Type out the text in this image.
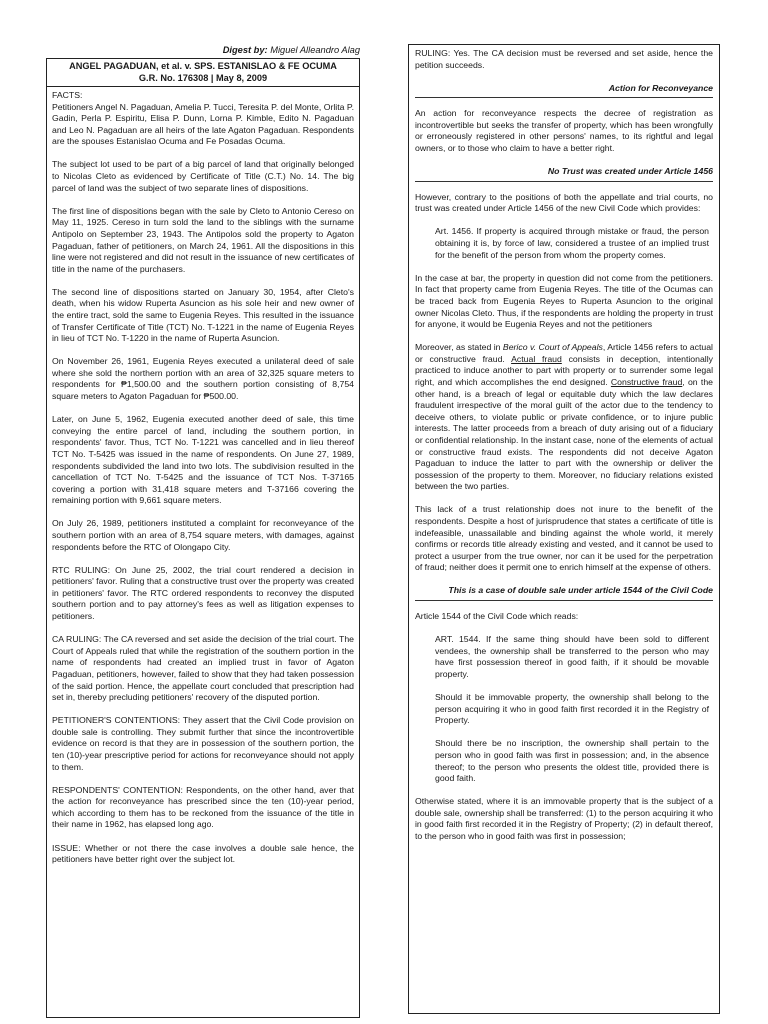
Digest by: Miguel Alleandro Alag
ANGEL PAGADUAN, et al. v. SPS. ESTANISLAO & FE OCUMA
G.R. No. 176308 | May 8, 2009

FACTS:

Petitioners Angel N. Pagaduan, Amelia P. Tucci, Teresita P. del Monte, Orlita P. Gadin, Perla P. Espiritu, Elisa P. Dunn, Lorna P. Kimble, Edito N. Pagaduan and Leo N. Pagaduan are all heirs of the late Agaton Pagaduan. Respondents are the spouses Estanislao Ocuma and Fe Posadas Ocuma.

The subject lot used to be part of a big parcel of land that originally belonged to Nicolas Cleto as evidenced by Certificate of Title (C.T.) No. 14. The big parcel of land was the subject of two separate lines of dispositions.

The first line of dispositions began with the sale by Cleto to Antonio Cereso on May 11, 1925. Cereso in turn sold the land to the siblings with the surname Antipolo on September 23, 1943. The Antipolos sold the property to Agaton Pagaduan, father of petitioners, on March 24, 1961. All the dispositions in this line were not registered and did not result in the issuance of new certificates of title in the name of the purchasers.

The second line of dispositions started on January 30, 1954, after Cleto's death, when his widow Ruperta Asuncion as his sole heir and new owner of the entire tract, sold the same to Eugenia Reyes. This resulted in the issuance of Transfer Certificate of Title (TCT) No. T-1221 in the name of Eugenia Reyes in lieu of TCT No. T-1220 in the name of Ruperta Asuncion.

On November 26, 1961, Eugenia Reyes executed a unilateral deed of sale where she sold the northern portion with an area of 32,325 square meters to respondents for ₱1,500.00 and the southern portion consisting of 8,754 square meters to Agaton Pagaduan for ₱500.00.

Later, on June 5, 1962, Eugenia executed another deed of sale, this time conveying the entire parcel of land, including the southern portion, in respondents' favor. Thus, TCT No. T-1221 was cancelled and in lieu thereof TCT No. T-5425 was issued in the name of respondents. On June 27, 1989, respondents subdivided the land into two lots. The subdivision resulted in the cancellation of TCT No. T-5425 and the issuance of TCT Nos. T-37165 covering a portion with 31,418 square meters and T-37166 covering the remaining portion with 9,661 square meters.

On July 26, 1989, petitioners instituted a complaint for reconveyance of the southern portion with an area of 8,754 square meters, with damages, against respondents before the RTC of Olongapo City.

RTC RULING: On June 25, 2002, the trial court rendered a decision in petitioners' favor. Ruling that a constructive trust over the property was created in petitioners' favor. The RTC ordered respondents to reconvey the disputed southern portion and to pay attorney's fees as well as litigation expenses to petitioners.

CA RULING: The CA reversed and set aside the decision of the trial court. The Court of Appeals ruled that while the registration of the southern portion in the name of respondents had created an implied trust in favor of Agaton Pagaduan, petitioners, however, failed to show that they had taken possession of the said portion. Hence, the appellate court concluded that prescription had set in, thereby precluding petitioners' recovery of the disputed portion.

PETITIONER'S CONTENTIONS: They assert that the Civil Code provision on double sale is controlling. They submit further that since the incontrovertible evidence on record is that they are in possession of the southern portion, the ten (10)-year prescriptive period for actions for reconveyance should not apply to them.

RESPONDENTS' CONTENTION: Respondents, on the other hand, aver that the action for reconveyance has prescribed since the ten (10)-year period, which according to them has to be reckoned from the issuance of the title in their name in 1962, has elapsed long ago.

ISSUE: Whether or not there the case involves a double sale hence, the petitioners have better right over the subject lot.

RULING: Yes. The CA decision must be reversed and set aside, hence the petition succeeds.

Action for Reconveyance

An action for reconveyance respects the decree of registration as incontrovertible but seeks the transfer of property, which has been wrongfully or erroneously registered in other persons' names, to its rightful and legal owners, or to those who claim to have a better right.

No Trust was created under Article 1456

However, contrary to the positions of both the appellate and trial courts, no trust was created under Article 1456 of the new Civil Code which provides:

Art. 1456. If property is acquired through mistake or fraud, the person obtaining it is, by force of law, considered a trustee of an implied trust for the benefit of the person from whom the property comes.

In the case at bar, the property in question did not come from the petitioners. In fact that property came from Eugenia Reyes. The title of the Ocumas can be traced back from Eugenia Reyes to Ruperta Asuncion to the original owner Nicolas Cleto. Thus, if the respondents are holding the property in trust for anyone, it would be Eugenia Reyes and not the petitioners

Moreover, as stated in Berico v. Court of Appeals, Article 1456 refers to actual or constructive fraud. Actual fraud consists in deception, intentionally practiced to induce another to part with property or to surrender some legal right, and which accomplishes the end designed. Constructive fraud, on the other hand, is a breach of legal or equitable duty which the law declares fraudulent irrespective of the moral guilt of the actor due to the tendency to deceive others, to violate public or private confidence, or to injure public interests. The latter proceeds from a breach of duty arising out of a fiduciary or confidential relationship. In the instant case, none of the elements of actual or constructive fraud exists. The respondents did not deceive Agaton Pagaduan to induce the latter to part with the ownership or deliver the possession of the property to them. Moreover, no fiduciary relations existed between the two parties.

This lack of a trust relationship does not inure to the benefit of the respondents. Despite a host of jurisprudence that states a certificate of title is indefeasible, unassailable and binding against the whole world, it merely confirms or records title already existing and vested, and it cannot be used to protect a usurper from the true owner, nor can it be used for the perpetration of fraud; neither does it permit one to enrich himself at the expense of others.

This is a case of double sale under article 1544 of the Civil Code

Article 1544 of the Civil Code which reads:

ART. 1544. If the same thing should have been sold to different vendees, the ownership shall be transferred to the person who may have first possession thereof in good faith, if it should be movable property.

Should it be immovable property, the ownership shall belong to the person acquiring it who in good faith first recorded it in the Registry of Property.

Should there be no inscription, the ownership shall pertain to the person who in good faith was first in possession; and, in the absence thereof; to the person who presents the oldest title, provided there is good faith.

Otherwise stated, where it is an immovable property that is the subject of a double sale, ownership shall be transferred: (1) to the person acquiring it who in good faith first recorded it in the Registry of Property; (2) in default thereof, to the person who in good faith was first in possession;
